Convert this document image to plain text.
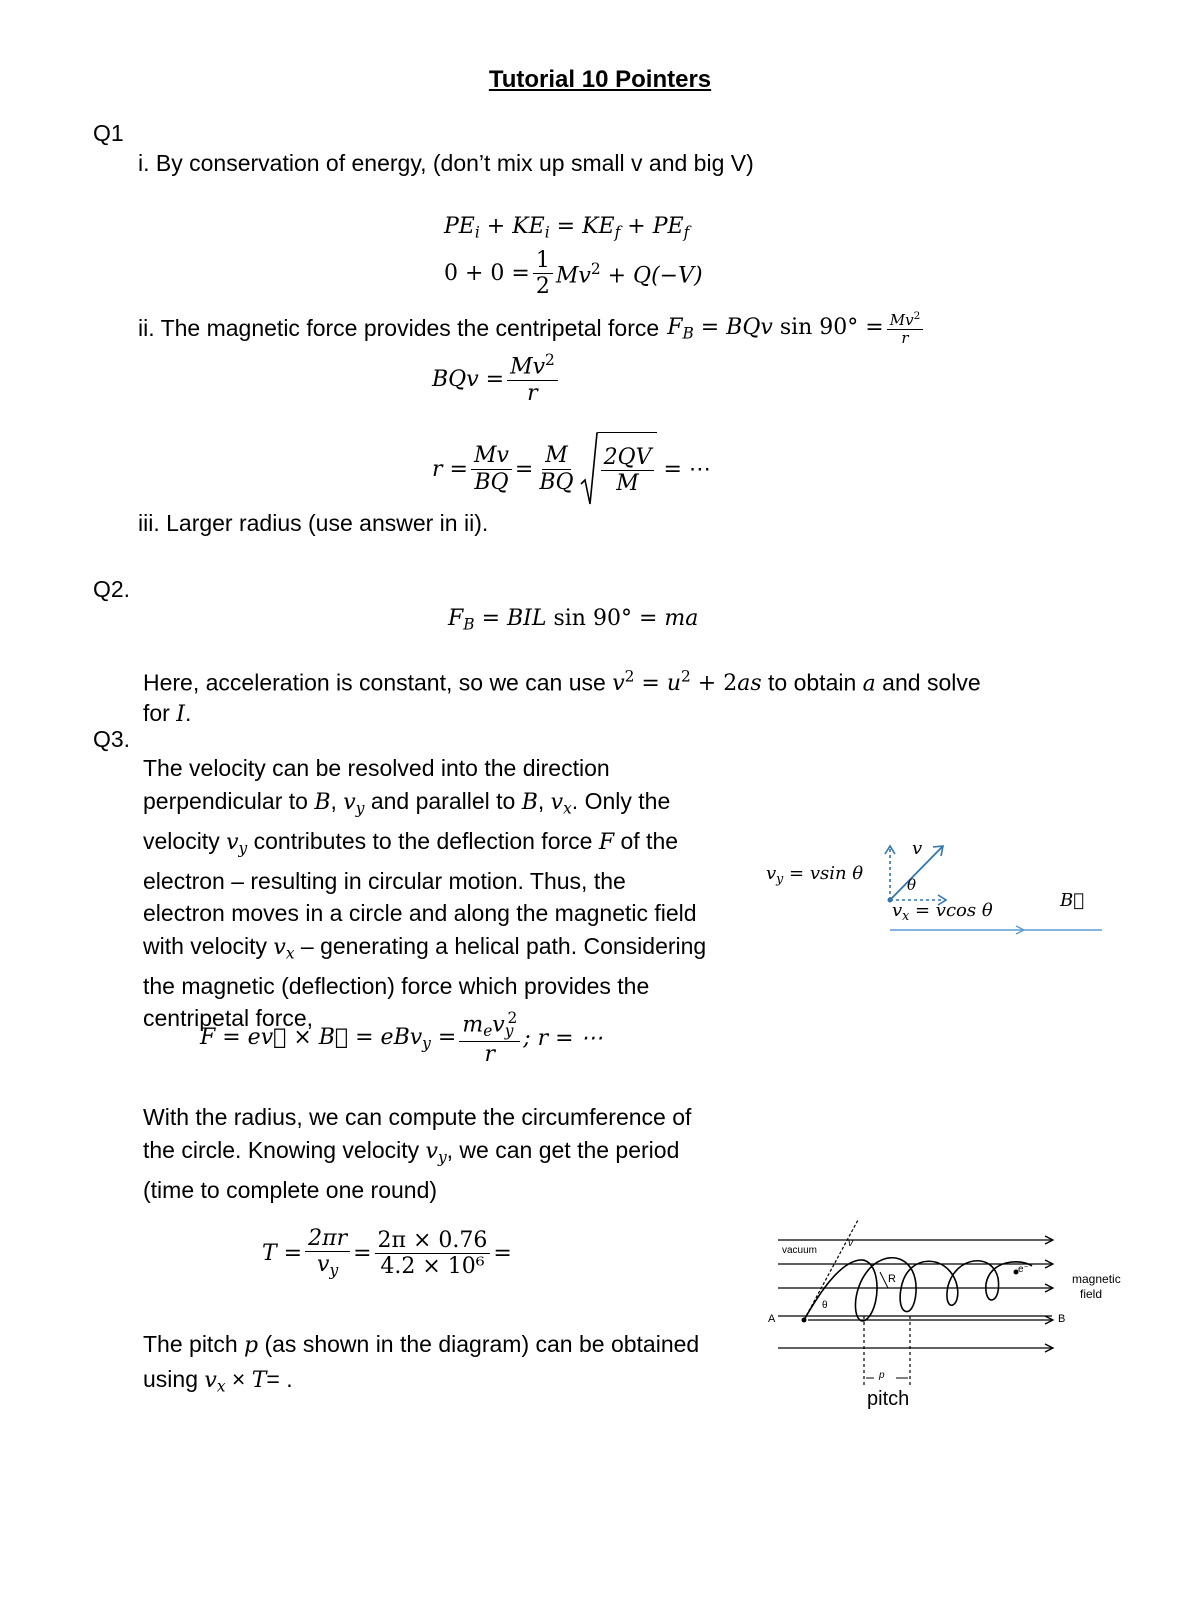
Tutorial 10 Pointers
Q1
i. By conservation of energy, (don’t mix up small v and big V)
$PE_i + KE_i = KE_f + PE_f$
$0 + 0 = \frac{1}{2} Mv^2 + Q(-V)$
ii. The magnetic force provides the centripetal force $F_B$ = BQv $\sin 90^\circ = \frac{Mv^2}{r}$
BQv = $\frac{Mv^2}{r}$
$r = \frac{Mv}{BQ} = \frac{M}{BQ} \frac{2QV}{M}$ = ⋯
iii. Larger radius (use answer in ii).
Q2.
$F_B$ = BIL sin 90° = ma
Here, acceleration is constant, so we can use $v^2 = u^2 + 2as$ to obtain a and solve
for I.
Q3.
The velocity can be resolved into the direction
perpendicular to B, $v_y$ and parallel to B, $v_x$. Only the
velocity $v_y$ contributes to the deflection force F of the
electron – resulting in circular motion. Thus, the
electron moves in a circle and along the magnetic field
with velocity $v_x$ – generating a helical path. Considering
the magnetic (deflection) force which provides the
centripetal force,
F = ev⃗ × B⃗ = $eBv_y = \frac{m_ev_y^2}{r}$ ; r = ⋯
With the radius, we can compute the circumference of
the circle. Knowing velocity $v_y$, we can get the period
(time to complete one round)
$T = \frac{2\pi r}{v_y} = \frac{2\pi \times 0.76}{\text{4.2 × 10⁶}}$ =
The pitch p (as shown in the diagram) can be obtained
using $v_x \times T=$ .
$v_y = vsin$ θ
v
θ
$v_x = vcos$ θ	B⃗
vacuum
v
θ
R
e⁻
A	B
p
magnetic
field
pitch
